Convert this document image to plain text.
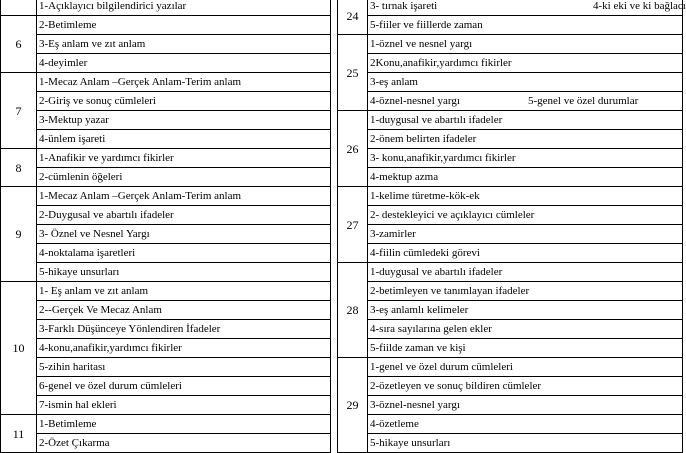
	1-Açıklayıcı bilgilendirici yazılar
6	2-Betimleme
	3-Eş anlam ve zıt anlam
	4-deyimler
7	1-Mecaz Anlam –Gerçek Anlam-Terim anlam
	2-Giriş ve sonuç cümleleri
	3-Mektup yazar
	4-ünlem işareti
8	1-Anafikir ve yardımcı fikirler
	2-cümlenin öğeleri
9	1-Mecaz Anlam –Gerçek Anlam-Terim anlam
	2-Duygusal ve abartılı ifadeler
	3- Öznel ve Nesnel Yargı
	4-noktalama işaretleri
	5-hikaye unsurları
10	1- Eş anlam ve zıt anlam
	2--Gerçek Ve Mecaz Anlam
	3-Farklı Düşünceye Yönlendiren İfadeler
	4-konu,anafikir,yardımcı fikirler
	5-zihin haritası
	6-genel ve özel durum cümleleri
	7-ismin hal ekleri
11	1-Betimleme
	2-Özet Çıkarma
24	3- tırnak işareti 4-ki eki ve ki bağlacı

	5-fiiler ve fiillerde zaman
25	1-öznel ve nesnel yargı
	2Konu,anafikir,yardımcı fikirler
	3-eş anlam
	4-öznel-nesnel yargı 5-genel ve özel durumlar

26	1-duygusal ve abartılı ifadeler
	2-önem belirten ifadeler
	3- konu,anafikir,yardımcı fikirler
	4-mektup azma
27	1-kelime türetme-kök-ek
	2- destekleyici ve açıklayıcı cümleler
	3-zamirler
	4-fiilin cümledeki görevi
28	1-duygusal ve abartılı ifadeler
	2-betimleyen ve tanımlayan ifadeler
	3-eş anlamlı kelimeler
	4-sıra sayılarına gelen ekler
	5-fiilde zaman ve kişi
29	1-genel ve özel durum cümleleri
	2-özetleyen ve sonuç bildiren cümleler
	3-öznel-nesnel yargı
	4-özetleme
	5-hikaye unsurları
